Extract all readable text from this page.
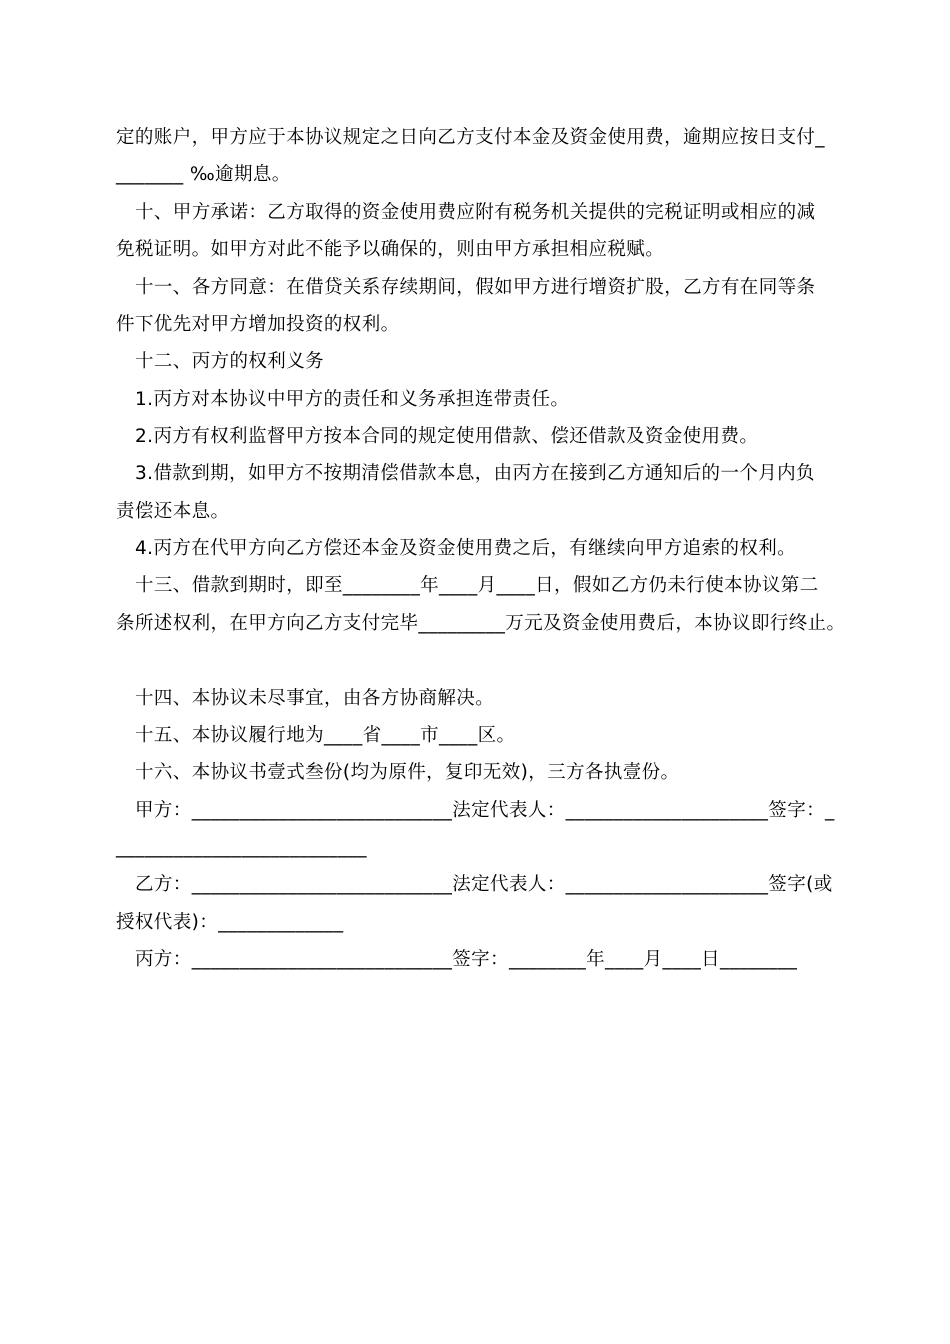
定的账户，甲方应于本协议规定之日向乙方支付本金及资金使用费，逾期应按日支付_
_______ ‰逾期息。
十、甲方承诺：乙方取得的资金使用费应附有税务机关提供的完税证明或相应的减
免税证明。如甲方对此不能予以确保的，则由甲方承担相应税赋。
十一、各方同意：在借贷关系存续期间，假如甲方进行增资扩股，乙方有在同等条
件下优先对甲方增加投资的权利。
十二、丙方的权利义务
1.丙方对本协议中甲方的责任和义务承担连带责任。
2.丙方有权利监督甲方按本合同的规定使用借款、偿还借款及资金使用费。
3.借款到期，如甲方不按期清偿借款本息，由丙方在接到乙方通知后的一个月内负
责偿还本息。
4.丙方在代甲方向乙方偿还本金及资金使用费之后，有继续向甲方追索的权利。
十三、借款到期时，即至________年____月____日，假如乙方仍未行使本协议第二
条所述权利，在甲方向乙方支付完毕_________万元及资金使用费后，本协议即行终止。
十四、本协议未尽事宜，由各方协商解决。
十五、本协议履行地为____省____市____区。
十六、本协议书壹式叁份(均为原件，复印无效)，三方各执壹份。
甲方：___________________________法定代表人：_____________________签字：_
__________________________
乙方：___________________________法定代表人：_____________________签字(或
授权代表)：_____________
丙方：___________________________签字：________年____月____日________
